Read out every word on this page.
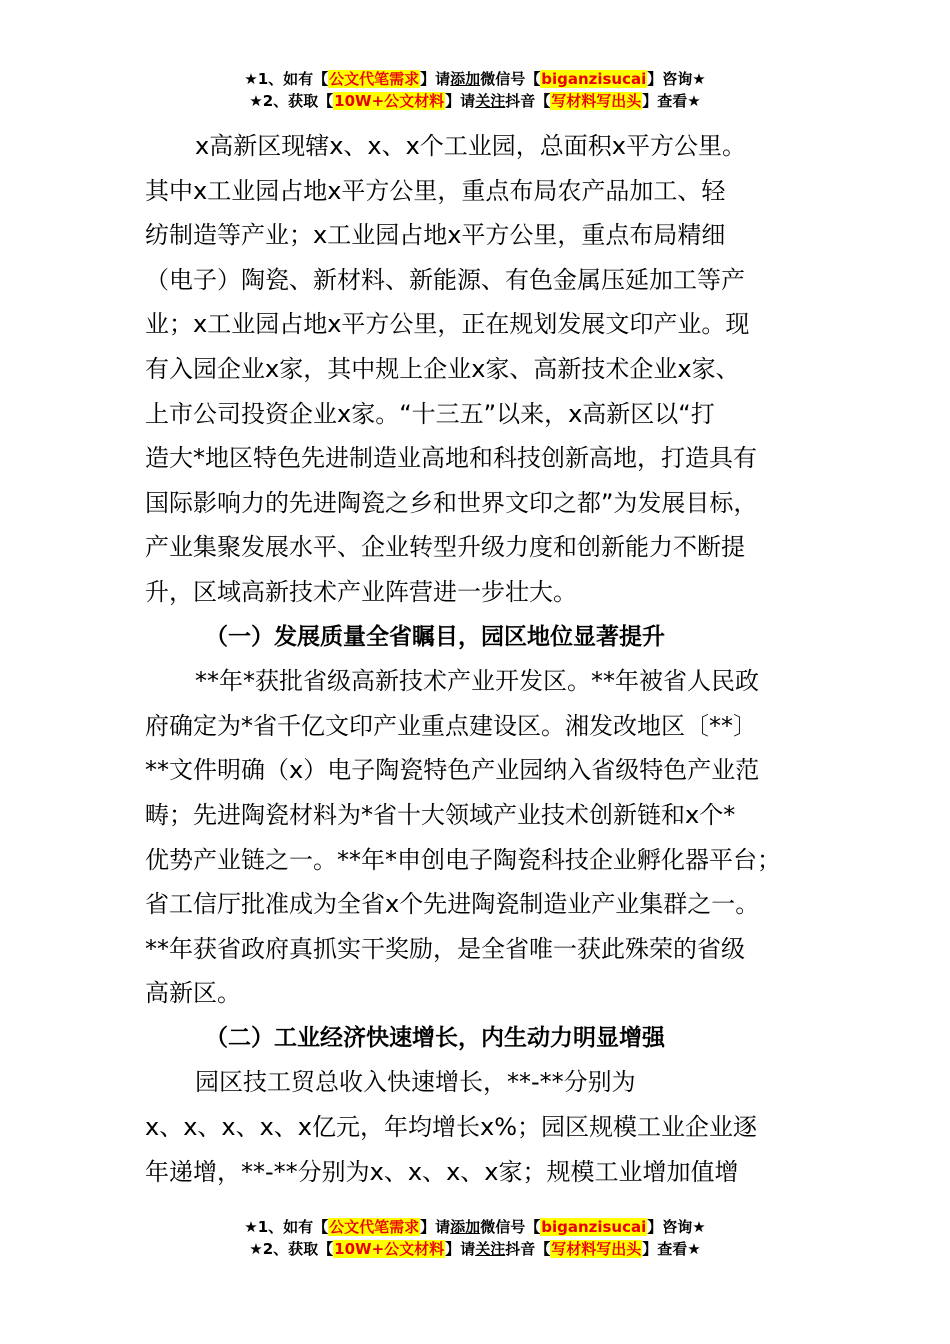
★1、如有【公文代笔需求】请添加微信号【biganzisucai】咨询★
★2、获取【10W+公文材料】请关注抖音【写材料写出头】查看★

x高新区现辖x、x、x个工业园，总面积x平方公里。
其中x工业园占地x平方公里，重点布局农产品加工、轻
纺制造等产业；x工业园占地x平方公里，重点布局精细
（电子）陶瓷、新材料、新能源、有色金属压延加工等产
业；x工业园占地x平方公里，正在规划发展文印产业。现
有入园企业x家，其中规上企业x家、高新技术企业x家、
上市公司投资企业x家。“十三五”以来，x高新区以“打
造大*地区特色先进制造业高地和科技创新高地，打造具有
国际影响力的先进陶瓷之乡和世界文印之都”为发展目标，
产业集聚发展水平、企业转型升级力度和创新能力不断提
升，区域高新技术产业阵营进一步壮大。

（一）发展质量全省瞩目，园区地位显著提升

**年*获批省级高新技术产业开发区。**年被省人民政
府确定为*省千亿文印产业重点建设区。湘发改地区〔**〕
**文件明确（x）电子陶瓷特色产业园纳入省级特色产业范
畴；先进陶瓷材料为*省十大领域产业技术创新链和x个*
优势产业链之一。**年*申创电子陶瓷科技企业孵化器平台；
省工信厅批准成为全省x个先进陶瓷制造业产业集群之一。
**年获省政府真抓实干奖励，是全省唯一获此殊荣的省级
高新区。

（二）工业经济快速增长，内生动力明显增强

园区技工贸总收入快速增长，**-**分别为
x、x、x、x、x亿元，年均增长x%；园区规模工业企业逐
年递增，**-**分别为x、x、x、x家；规模工业增加值增

★1、如有【公文代笔需求】请添加微信号【biganzisucai】咨询★
★2、获取【10W+公文材料】请关注抖音【写材料写出头】查看★
